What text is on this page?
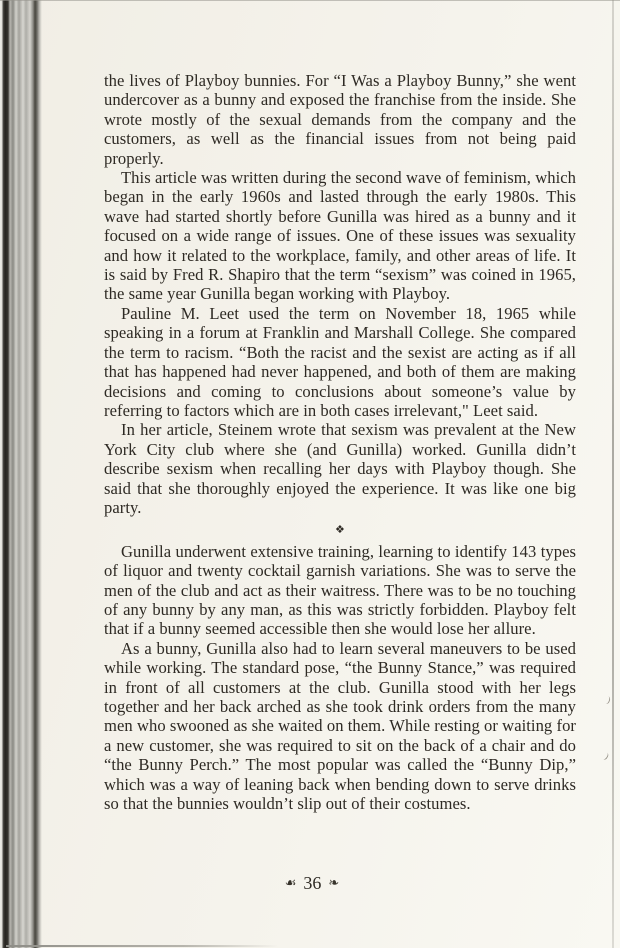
the lives of Playboy bunnies. For “I Was a Playboy Bunny,” she went undercover as a bunny and exposed the franchise from the inside. She wrote mostly of the sexual demands from the company and the customers, as well as the financial issues from not being paid properly.

This article was written during the second wave of feminism, which began in the early 1960s and lasted through the early 1980s. This wave had started shortly before Gunilla was hired as a bunny and it focused on a wide range of issues. One of these issues was sexuality and how it related to the workplace, family, and other areas of life. It is said by Fred R. Shapiro that the term “sexism” was coined in 1965, the same year Gunilla began working with Playboy.

Pauline M. Leet used the term on November 18, 1965 while speaking in a forum at Franklin and Marshall College. She compared the term to racism. “Both the racist and the sexist are acting as if all that has happened had never happened, and both of them are making decisions and coming to conclusions about someone’s value by referring to factors which are in both cases irrelevant," Leet said.

In her article, Steinem wrote that sexism was prevalent at the New York City club where she (and Gunilla) worked. Gunilla didn’t describe sexism when recalling her days with Playboy though. She said that she thoroughly enjoyed the experience. It was like one big party.

❖

Gunilla underwent extensive training, learning to identify 143 types of liquor and twenty cocktail garnish variations. She was to serve the men of the club and act as their waitress. There was to be no touching of any bunny by any man, as this was strictly forbidden. Playboy felt that if a bunny seemed accessible then she would lose her allure.

As a bunny, Gunilla also had to learn several maneuvers to be used while working. The standard pose, “the Bunny Stance,” was required in front of all customers at the club. Gunilla stood with her legs together and her back arched as she took drink orders from the many men who swooned as she waited on them. While resting or waiting for a new customer, she was required to sit on the back of a chair and do “the Bunny Perch.” The most popular was called the “Bunny Dip,” which was a way of leaning back when bending down to serve drinks so that the bunnies wouldn’t slip out of their costumes.

☙ 36 ❧
